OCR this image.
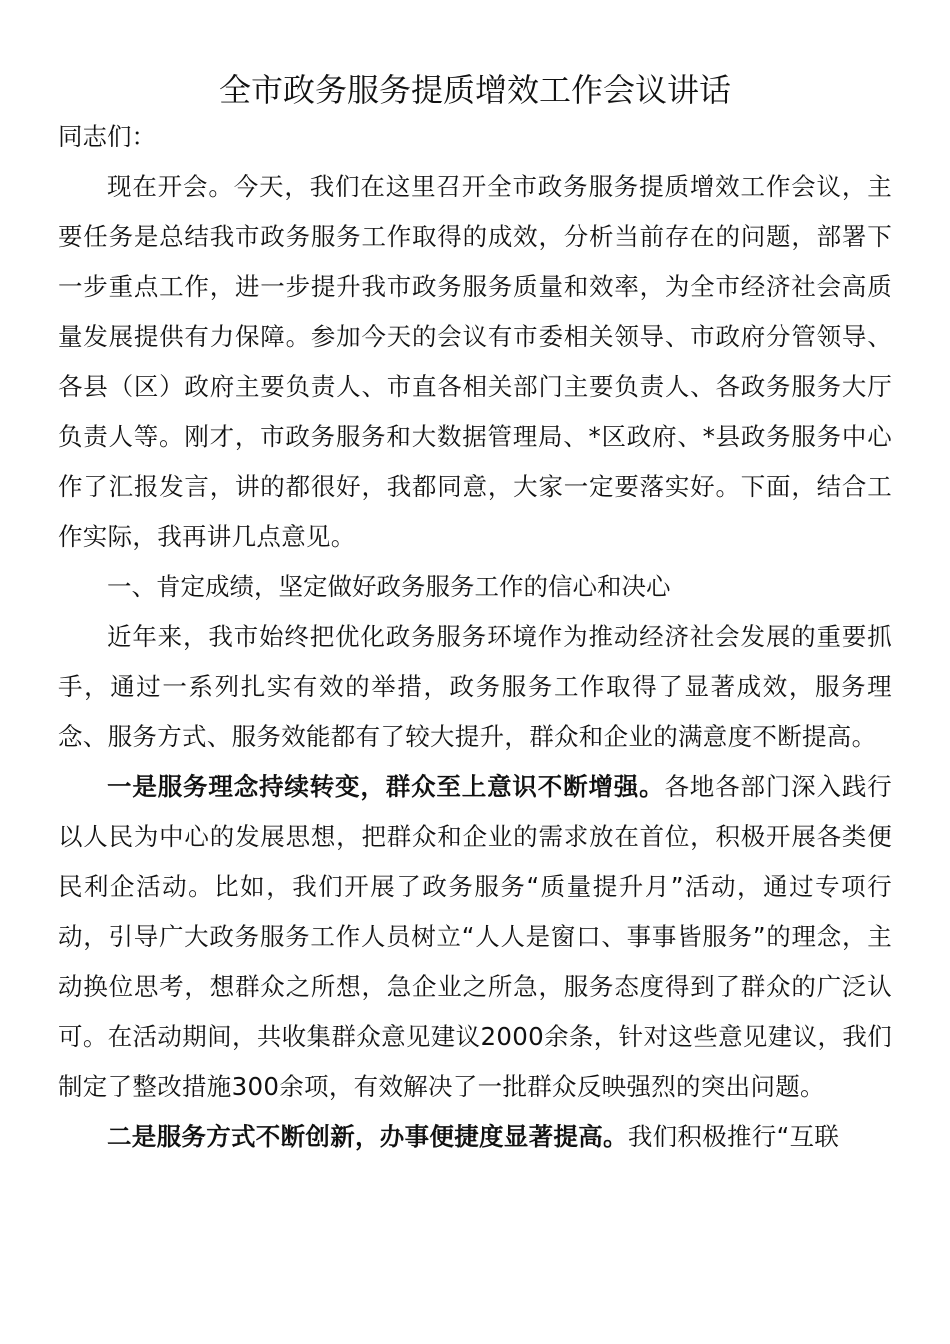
全市政务服务提质增效工作会议讲话

同志们：

现在开会。今天，我们在这里召开全市政务服务提质增效工作会议，主要任务是总结我市政务服务工作取得的成效，分析当前存在的问题，部署下一步重点工作，进一步提升我市政务服务质量和效率，为全市经济社会高质量发展提供有力保障。参加今天的会议有市委相关领导、市政府分管领导、各县（区）政府主要负责人、市直各相关部门主要负责人、各政务服务大厅负责人等。刚才，市政务服务和大数据管理局、*区政府、*县政务服务中心作了汇报发言，讲的都很好，我都同意，大家一定要落实好。下面，结合工作实际，我再讲几点意见。

一、肯定成绩，坚定做好政务服务工作的信心和决心

近年来，我市始终把优化政务服务环境作为推动经济社会发展的重要抓手，通过一系列扎实有效的举措，政务服务工作取得了显著成效，服务理念、服务方式、服务效能都有了较大提升，群众和企业的满意度不断提高。

一是服务理念持续转变，群众至上意识不断增强。各地各部门深入践行以人民为中心的发展思想，把群众和企业的需求放在首位，积极开展各类便民利企活动。比如，我们开展了政务服务“质量提升月”活动，通过专项行动，引导广大政务服务工作人员树立“人人是窗口、事事皆服务”的理念，主动换位思考，想群众之所想，急企业之所急，服务态度得到了群众的广泛认可。在活动期间，共收集群众意见建议2000余条，针对这些意见建议，我们制定了整改措施300余项，有效解决了一批群众反映强烈的突出问题。

二是服务方式不断创新，办事便捷度显著提高。我们积极推行“互联
